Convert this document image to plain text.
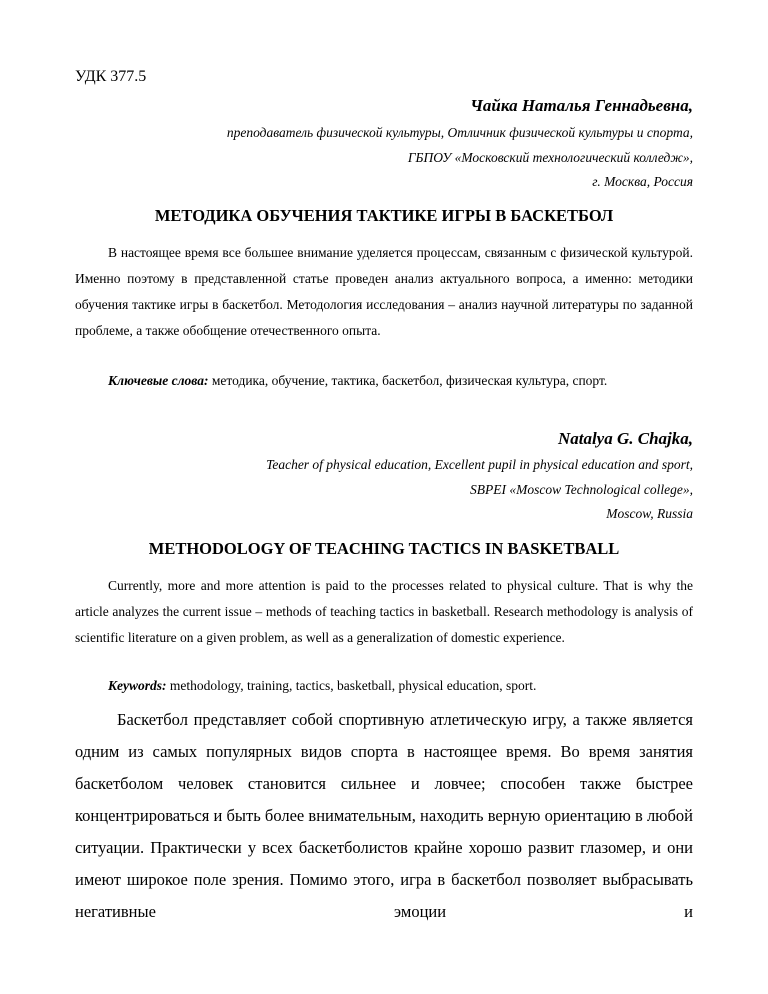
УДК 377.5
Чайка Наталья Геннадьевна,
преподаватель физической культуры, Отличник физической культуры и спорта,
ГБПОУ «Московский технологический колледж»,
г. Москва, Россия
МЕТОДИКА ОБУЧЕНИЯ ТАКТИКЕ ИГРЫ В БАСКЕТБОЛ
В настоящее время все большее внимание уделяется процессам, связанным с физической культурой. Именно поэтому в представленной статье проведен анализ актуального вопроса, а именно: методики обучения тактике игры в баскетбол. Методология исследования – анализ научной литературы по заданной проблеме, а также обобщение отечественного опыта.
Ключевые слова: методика, обучение, тактика, баскетбол, физическая культура, спорт.
Natalya G. Chajka,
Teacher of physical education, Excellent pupil in physical education and sport,
SBPEI «Moscow Technological college»,
Moscow, Russia
METHODOLOGY OF TEACHING TACTICS IN BASKETBALL
Currently, more and more attention is paid to the processes related to physical culture. That is why the article analyzes the current issue – methods of teaching tactics in basketball. Research methodology is analysis of scientific literature on a given problem, as well as a generalization of domestic experience.
Keywords: methodology, training, tactics, basketball, physical education, sport.
Баскетбол представляет собой спортивную атлетическую игру, а также является одним из самых популярных видов спорта в настоящее время. Во время занятия баскетболом человек становится сильнее и ловчее; способен также быстрее концентрироваться и быть более внимательным, находить верную ориентацию в любой ситуации. Практически у всех баскетболистов крайне хорошо развит глазомер, и они имеют широкое поле зрения. Помимо этого, игра в баскетбол позволяет выбрасывать негативные эмоции и
